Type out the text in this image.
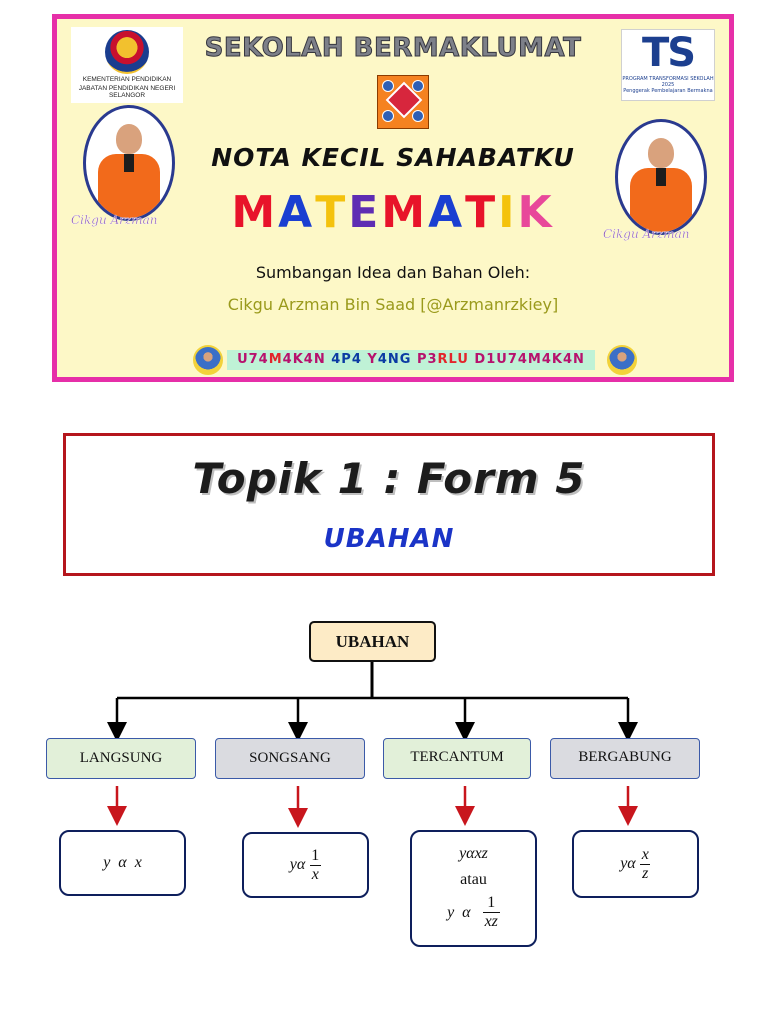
KEMENTERIAN PENDIDIKAN
JABATAN PENDIDIKAN NEGERI SELANGOR
SEKOLAH BERMAKLUMAT	TS
PROGRAM TRANSFORMASI SEKOLAH 2025
Penggerak Pembelajaran Bermakna
Cikgu Arzman
Cikgu Arzman
NOTA KECIL SAHABATKU
MATEMATIK
Sumbangan Idea dan Bahan Oleh:
Cikgu Arzman Bin Saad [@Arzmanrzkiey]
U74M4K4N 4P4 Y4NG P3RLU D1U74M4K4N
Topik 1 : Form 5
UBAHAN
UBAHAN
LANGSUNG	SONGSANG	TERCANTUM	BERGABUNG
y
α
x	yα $\frac{1}{x}$	yαxz
atau
y  α $\frac{1}{xz}$
yα $\frac{x}{z}$
